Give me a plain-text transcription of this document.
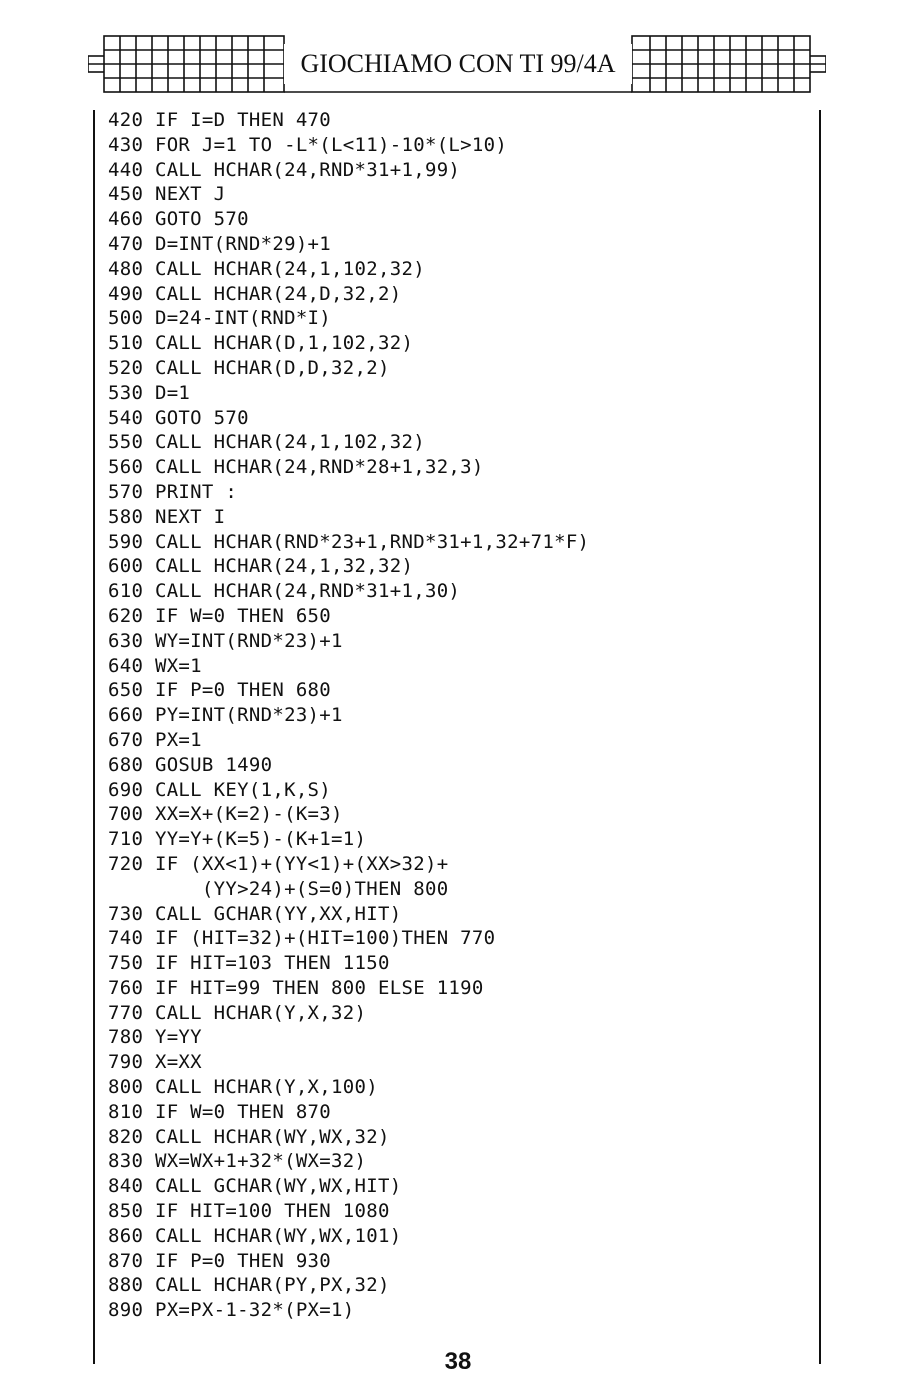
GIOCHIAMO CON TI 99/4A
420 IF I=D THEN 470
430 FOR J=1 TO -L*(L<11)-10*(L>10)
440 CALL HCHAR(24,RND*31+1,99)
450 NEXT J
460 GOTO 570
470 D=INT(RND*29)+1
480 CALL HCHAR(24,1,102,32)
490 CALL HCHAR(24,D,32,2)
500 D=24-INT(RND*I)
510 CALL HCHAR(D,1,102,32)
520 CALL HCHAR(D,D,32,2)
530 D=1
540 GOTO 570
550 CALL HCHAR(24,1,102,32)
560 CALL HCHAR(24,RND*28+1,32,3)
570 PRINT :
580 NEXT I
590 CALL HCHAR(RND*23+1,RND*31+1,32+71*F)
600 CALL HCHAR(24,1,32,32)
610 CALL HCHAR(24,RND*31+1,30)
620 IF W=0 THEN 650
630 WY=INT(RND*23)+1
640 WX=1
650 IF P=0 THEN 680
660 PY=INT(RND*23)+1
670 PX=1
680 GOSUB 1490
690 CALL KEY(1,K,S)
700 XX=X+(K=2)-(K=3)
710 YY=Y+(K=5)-(K+1=1)
720 IF (XX<1)+(YY<1)+(XX>32)+
(YY>24)+(S=0)THEN 800
730 CALL GCHAR(YY,XX,HIT)
740 IF (HIT=32)+(HIT=100)THEN 770
750 IF HIT=103 THEN 1150
760 IF HIT=99 THEN 800 ELSE 1190
770 CALL HCHAR(Y,X,32)
780 Y=YY
790 X=XX
800 CALL HCHAR(Y,X,100)
810 IF W=0 THEN 870
820 CALL HCHAR(WY,WX,32)
830 WX=WX+1+32*(WX=32)
840 CALL GCHAR(WY,WX,HIT)
850 IF HIT=100 THEN 1080
860 CALL HCHAR(WY,WX,101)
870 IF P=0 THEN 930
880 CALL HCHAR(PY,PX,32)
890 PX=PX-1-32*(PX=1)
38
